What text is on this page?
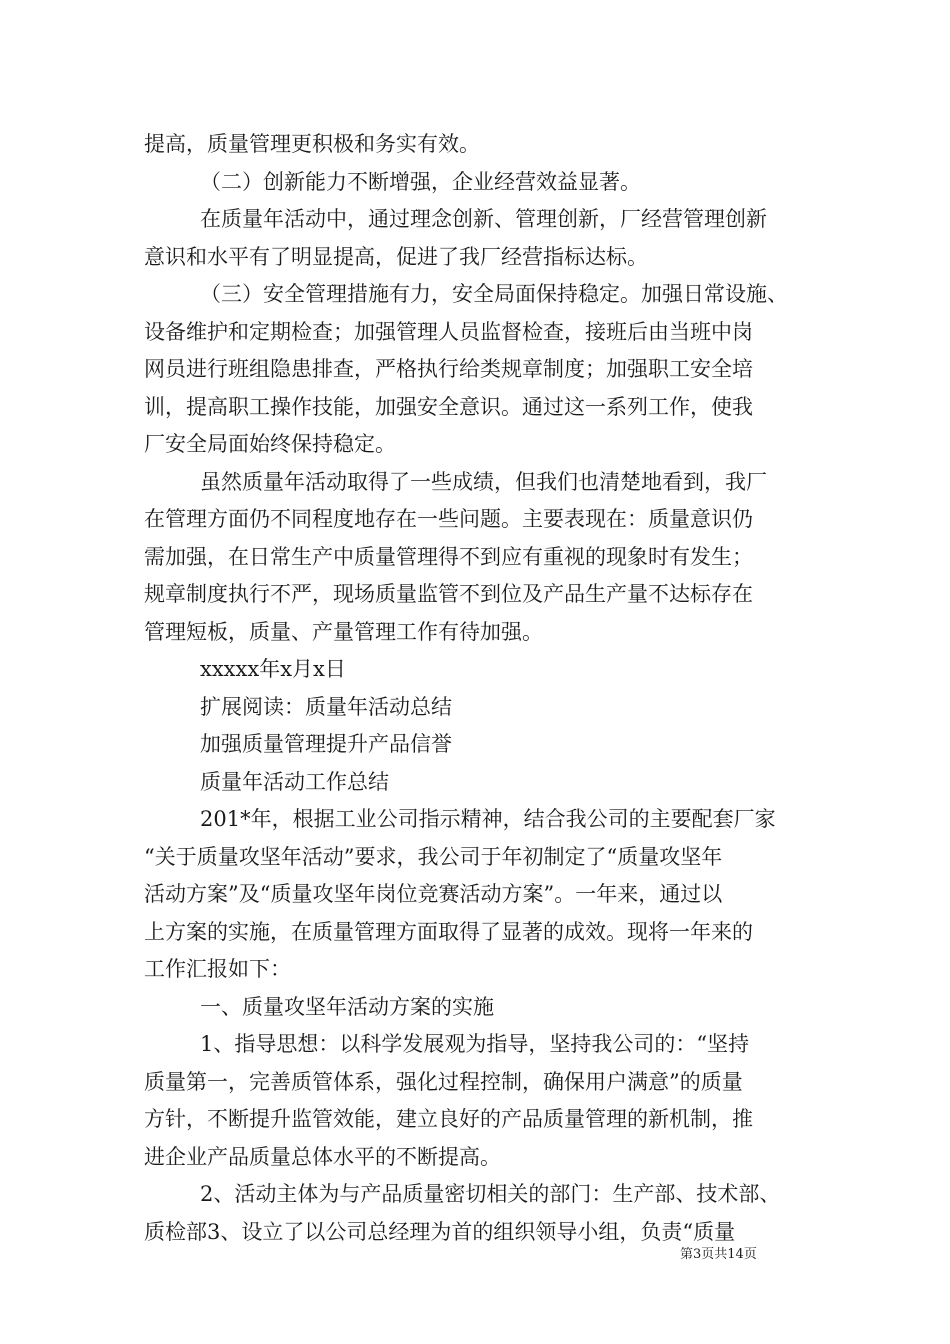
提高，质量管理更积极和务实有效。
（二）创新能力不断增强，企业经营效益显著。
在质量年活动中，通过理念创新、管理创新，厂经营管理创新
意识和水平有了明显提高，促进了我厂经营指标达标。
（三）安全管理措施有力，安全局面保持稳定。加强日常设施、
设备维护和定期检查；加强管理人员监督检查，接班后由当班中岗
网员进行班组隐患排查，严格执行给类规章制度；加强职工安全培
训，提高职工操作技能，加强安全意识。通过这一系列工作，使我
厂安全局面始终保持稳定。
虽然质量年活动取得了一些成绩，但我们也清楚地看到，我厂
在管理方面仍不同程度地存在一些问题。主要表现在：质量意识仍
需加强，在日常生产中质量管理得不到应有重视的现象时有发生；
规章制度执行不严，现场质量监管不到位及产品生产量不达标存在
管理短板，质量、产量管理工作有待加强。
xxxxx年x月x日
扩展阅读：质量年活动总结
加强质量管理提升产品信誉
质量年活动工作总结
201*年，根据工业公司指示精神，结合我公司的主要配套厂家
“关于质量攻坚年活动”要求，我公司于年初制定了“质量攻坚年
活动方案”及“质量攻坚年岗位竞赛活动方案”。一年来，通过以
上方案的实施，在质量管理方面取得了显著的成效。现将一年来的
工作汇报如下：
一、质量攻坚年活动方案的实施
1、指导思想：以科学发展观为指导，坚持我公司的：“坚持
质量第一，完善质管体系，强化过程控制，确保用户满意”的质量
方针，不断提升监管效能，建立良好的产品质量管理的新机制，推
进企业产品质量总体水平的不断提高。
2、活动主体为与产品质量密切相关的部门：生产部、技术部、
质检部3、设立了以公司总经理为首的组织领导小组，负责“质量
第3页共14页
